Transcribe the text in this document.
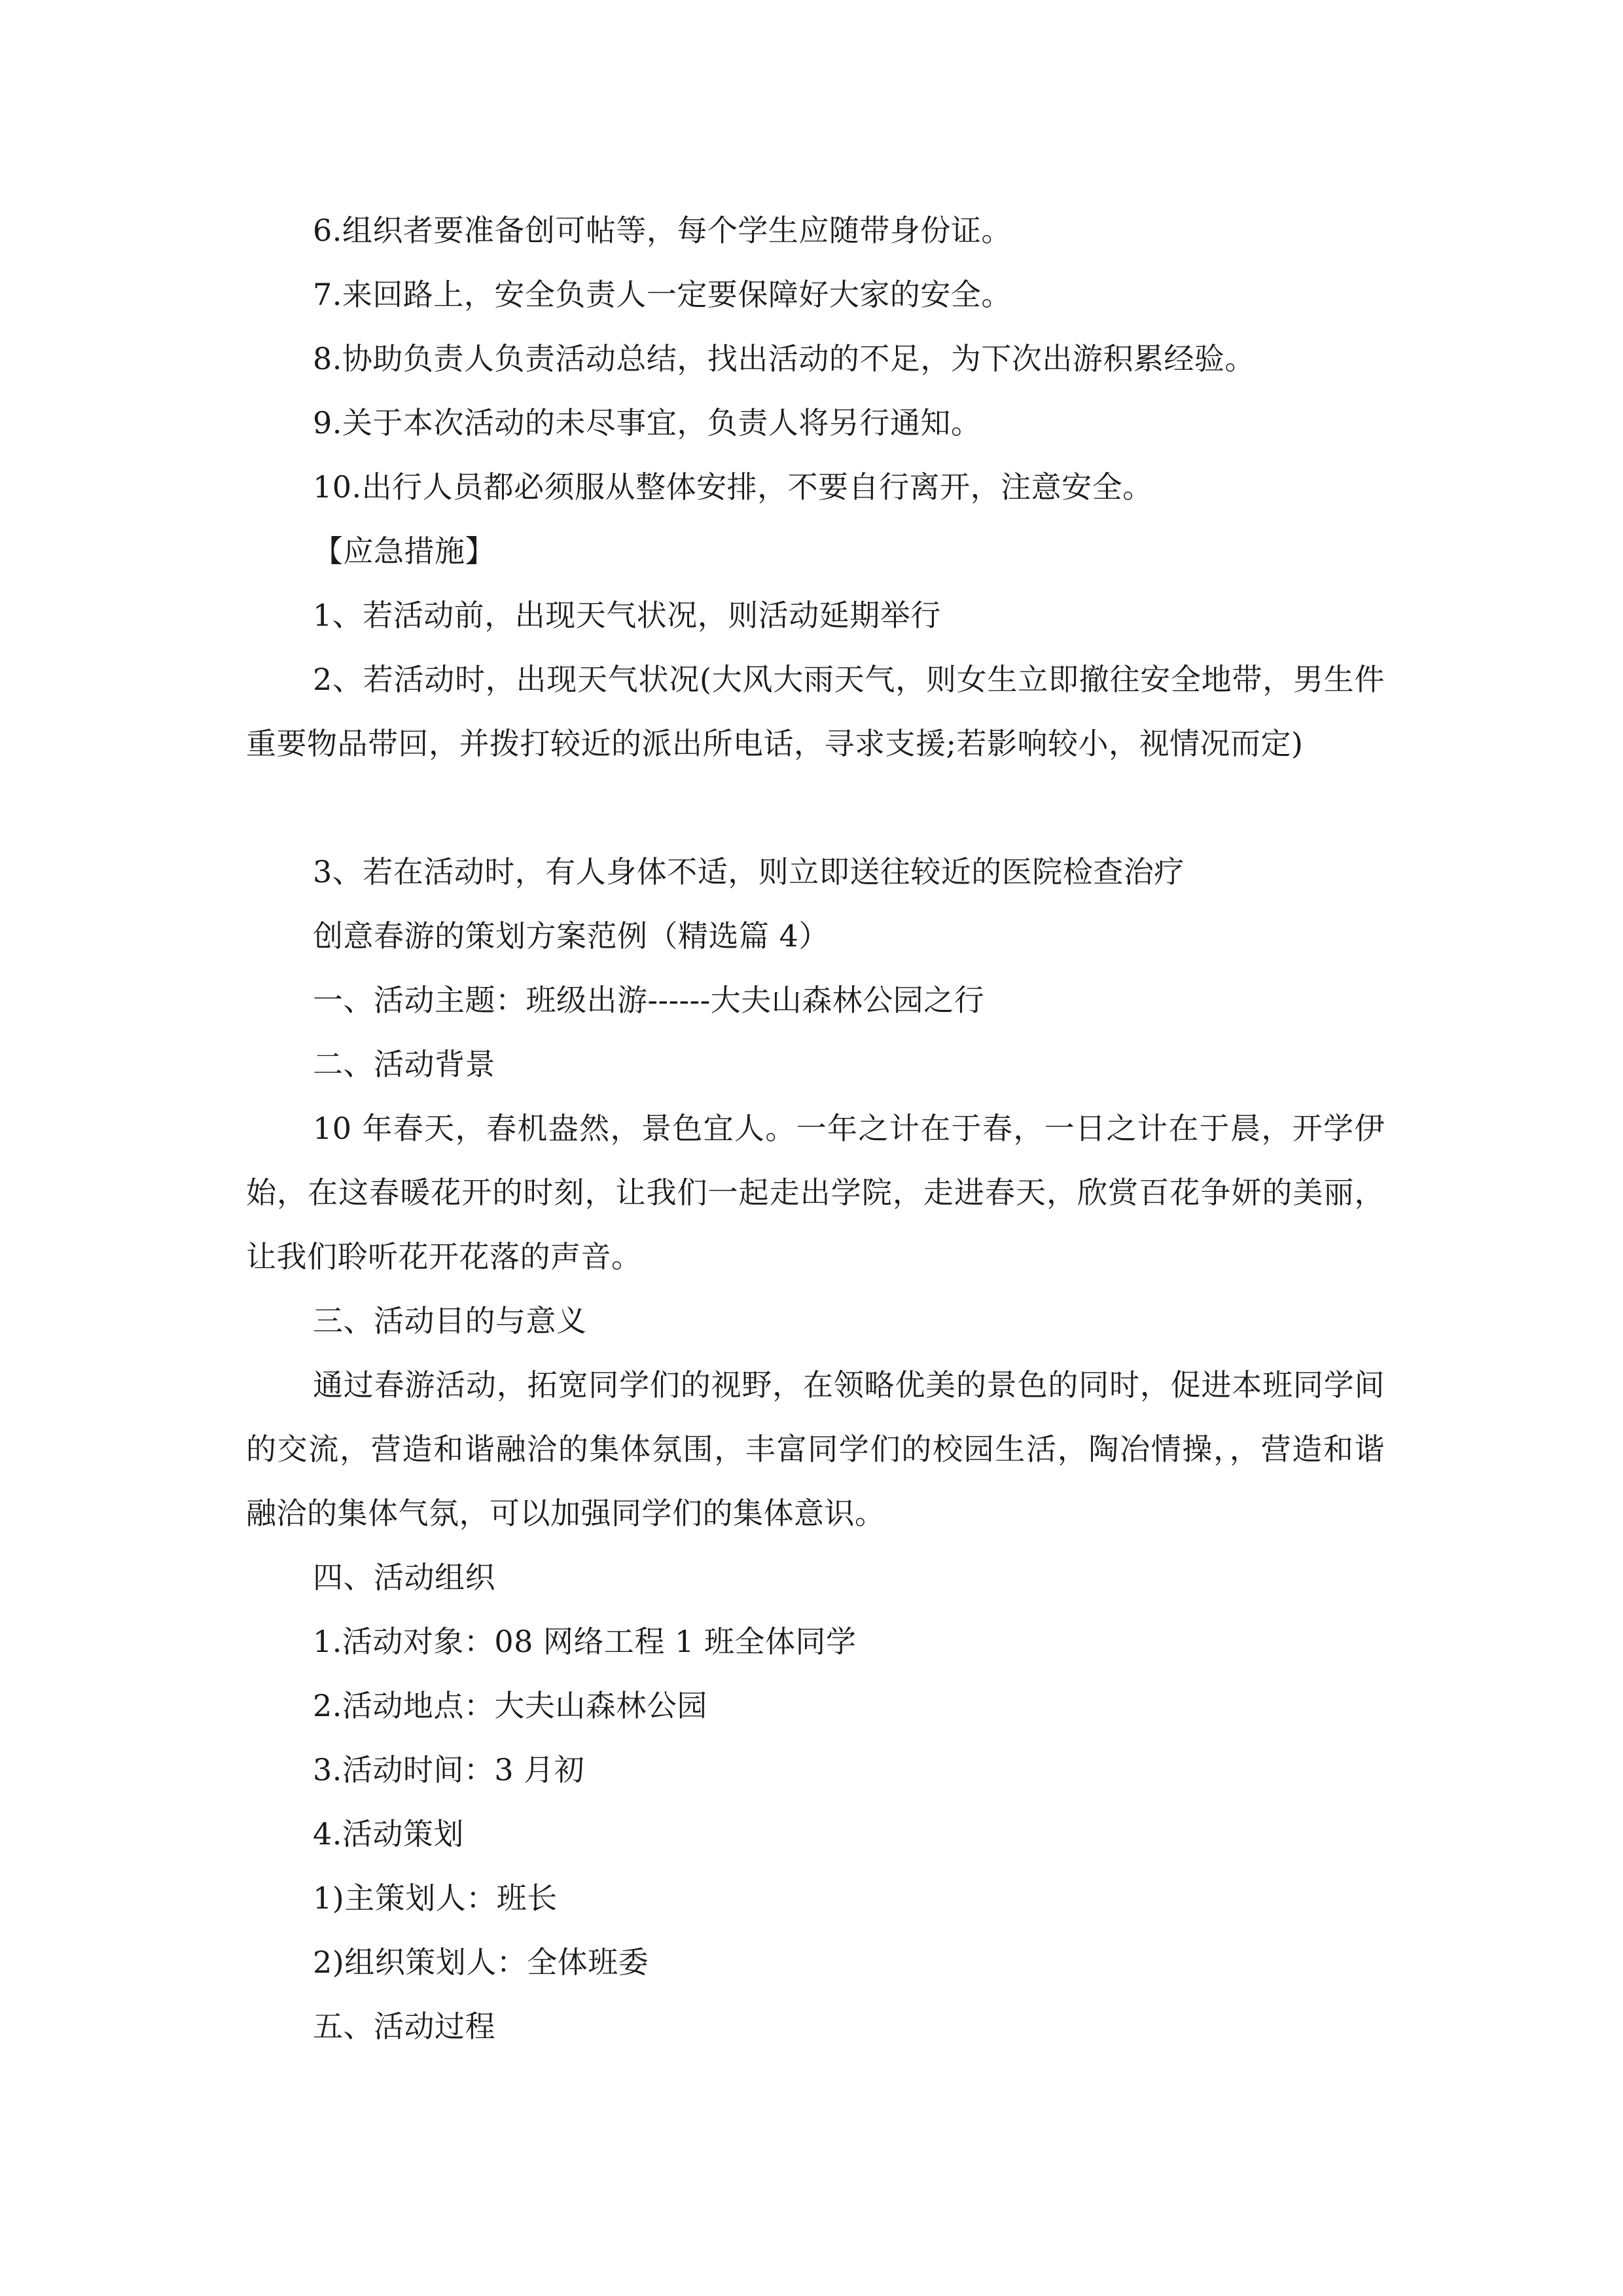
6.组织者要准备创可帖等，每个学生应随带身份证。
7.来回路上，安全负责人一定要保障好大家的安全。
8.协助负责人负责活动总结，找出活动的不足，为下次出游积累经验。
9.关于本次活动的未尽事宜，负责人将另行通知。
10.出行人员都必须服从整体安排，不要自行离开，注意安全。
【应急措施】
1、若活动前，出现天气状况，则活动延期举行
2、若活动时，出现天气状况(大风大雨天气，则女生立即撤往安全地带，男生件重要物品带回，并拨打较近的派出所电话，寻求支援;若影响较小，视情况而定)
3、若在活动时，有人身体不适，则立即送往较近的医院检查治疗
创意春游的策划方案范例（精选篇 4）
一、活动主题：班级出游------大夫山森林公园之行
二、活动背景
10 年春天，春机盎然，景色宜人。一年之计在于春，一日之计在于晨，开学伊始，在这春暖花开的时刻，让我们一起走出学院，走进春天，欣赏百花争妍的美丽，让我们聆听花开花落的声音。
三、活动目的与意义
通过春游活动，拓宽同学们的视野，在领略优美的景色的同时，促进本班同学间的交流，营造和谐融洽的集体氛围，丰富同学们的校园生活，陶冶情操，，营造和谐融洽的集体气氛，可以加强同学们的集体意识。
四、活动组织
1.活动对象：08 网络工程 1 班全体同学
2.活动地点：大夫山森林公园
3.活动时间：3 月初
4.活动策划
1)主策划人：班长
2)组织策划人：全体班委
五、活动过程
